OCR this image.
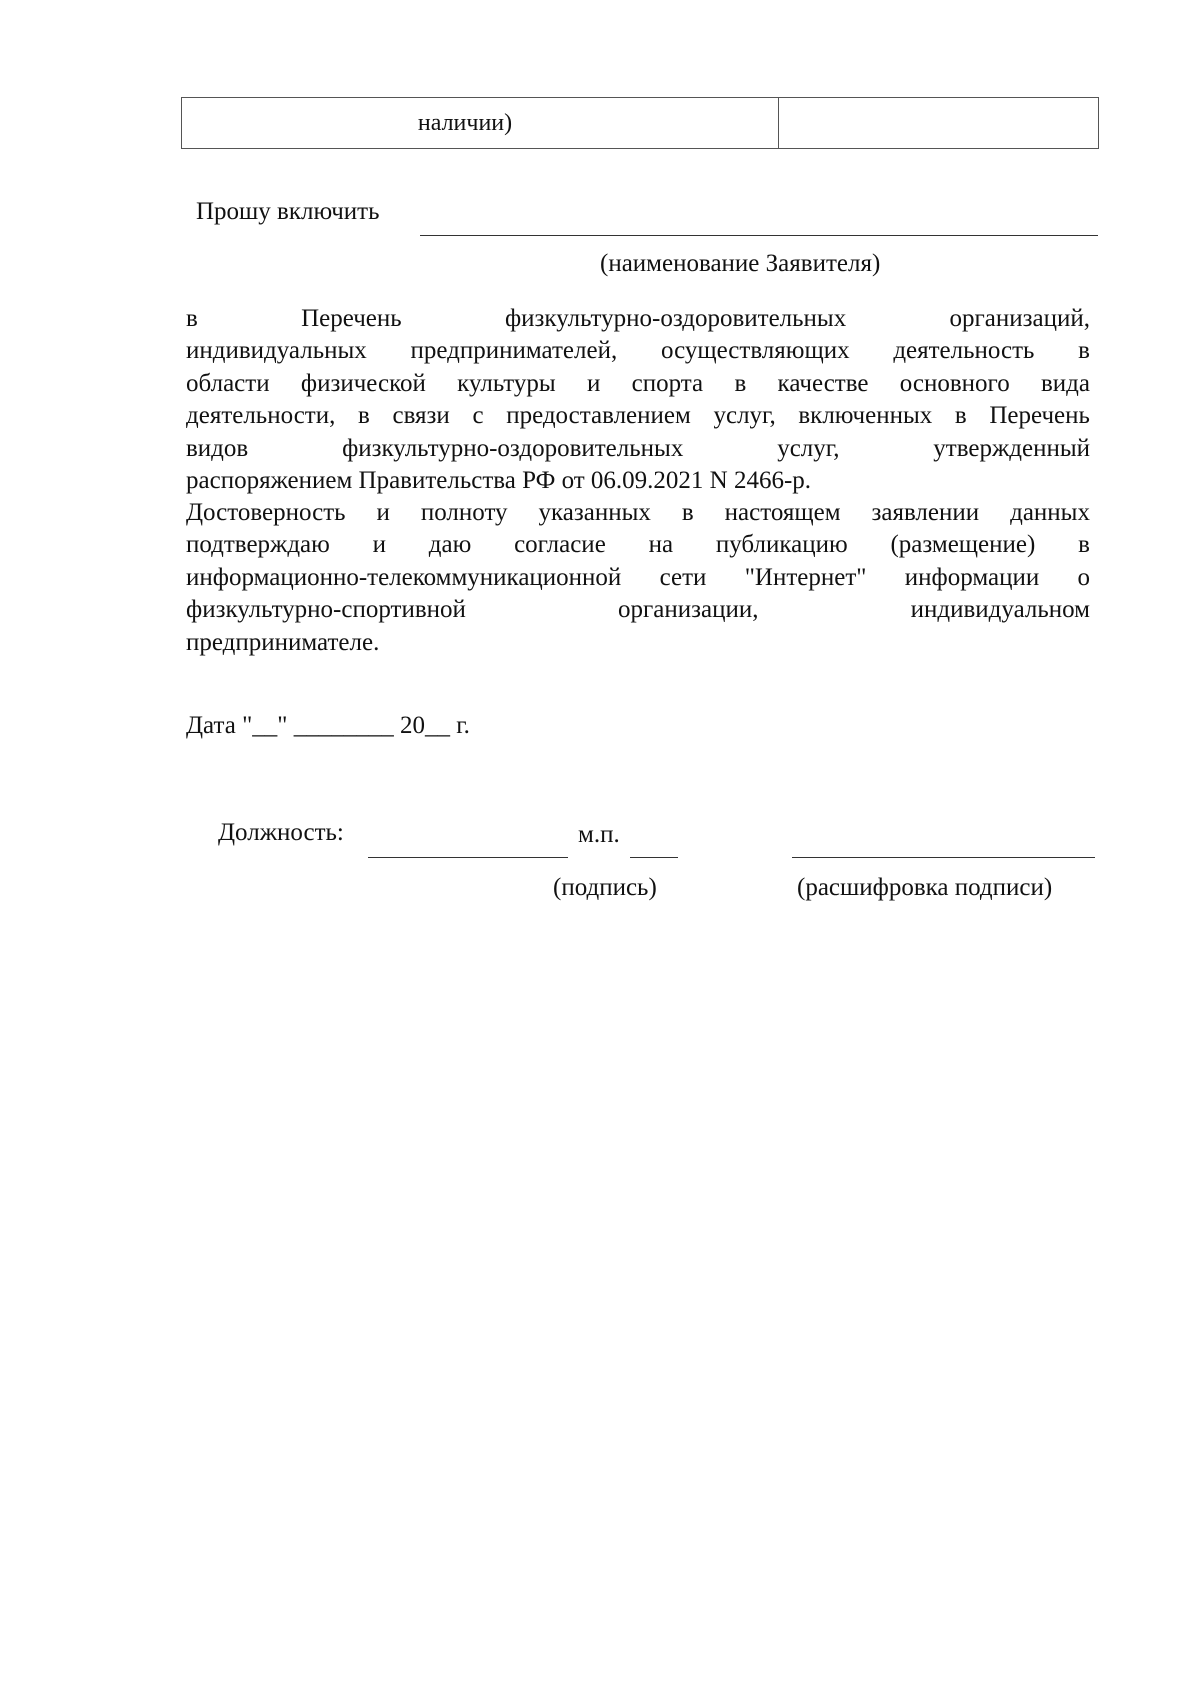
наличии)	
Прошу включить
(наименование Заявителя)
в	Перечень	физкультурно-оздоровительных	организаций,
индивидуальных предпринимателей, осуществляющих деятельность в
области физической культуры и спорта в качестве основного вида
деятельности, в связи с предоставлением услуг, включенных в Перечень
видов	физкультурно-оздоровительных	услуг,	утвержденный
распоряжением Правительства РФ от 06.09.2021 N 2466-р.
Достоверность и полноту указанных в настоящем заявлении данных
подтверждаю и даю согласие на публикацию (размещение) в
информационно-телекоммуникационной сети "Интернет" информации о
физкультурно-спортивной	организации,	индивидуальном
предпринимателе.
Дата "__" ________ 20__ г.
Должность:	м.п.
(подпись)	(расшифровка подписи)
